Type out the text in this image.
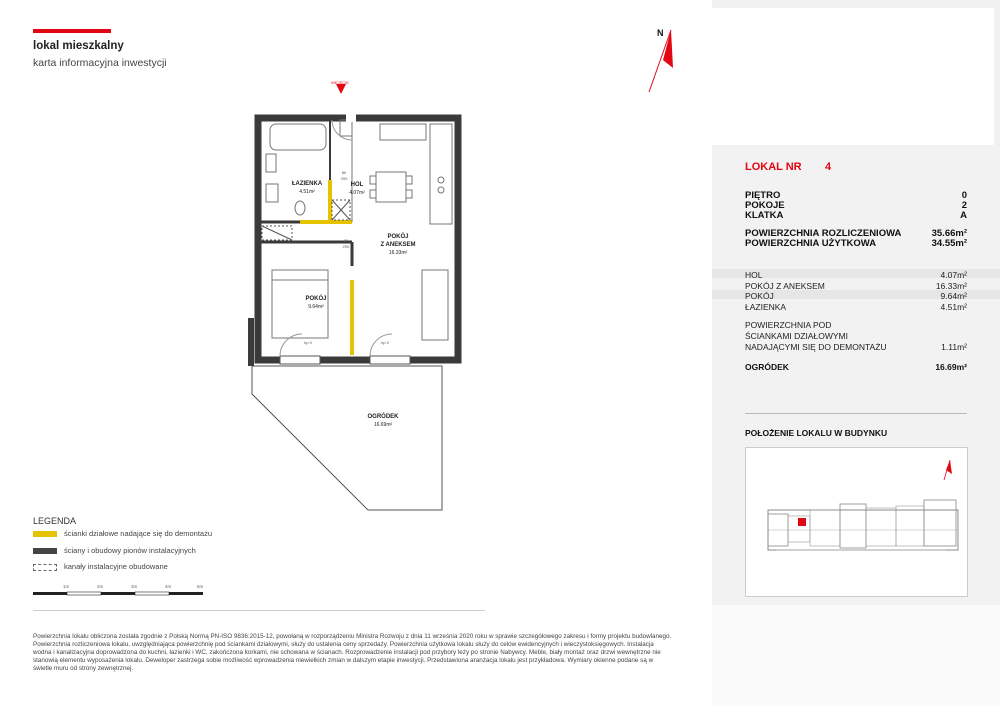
lokal mieszkalny
karta informacyjna inwestycji
N
WEJŚCIE
ŁAZIENKA
4.51m²
HOL
4.07m²
POKÓJ
Z ANEKSEM
16.33m²
POKÓJ
9.64m²
OGRÓDEK
16.69m²
80
200
80
200
hp 0	hp 0
LEGENDA
ścianki działowe nadające się do demontażu
ściany i obudowy pionów instalacyjnych
kanały instalacyjne obudowane
1m	2m	3m	4m	5m
Powierzchnia lokalu obliczona została zgodnie z Polską Normą PN-ISO 9836:2015-12, powołaną w rozporządzeniu Ministra Rozwoju z dnia 11 września 2020 roku w sprawie szczegółowego zakresu i formy projektu budowlanego. Powierzchnia rozliczeniowa lokalu, uwzględniająca powierzchnię pod ściankami działowymi, służy do ustalenia ceny sprzedaży. Powierzchnia użytkowa lokalu służy do celów ewidencyjnych i wieczystoksięgowych. Instalacja wodna i kanalizacyjna doprowadzona do kuchni, łazienki i WC, zakończona korkami, nie schowana w ścianach. Rozprowadzenie instalacji pod przybory leży po stronie Nabywcy. Meble, biały montaż oraz drzwi wewnętrzne nie stanowią elementu wyposażenia lokalu. Deweloper zastrzega sobie możliwość wprowadzenia niewielkich zmian w dalszym etapie inwestycji. Przedstawiona aranżacja lokalu jest przykładowa. Wymiary okienne podane są w świetle muru od strony zewnętrznej.
LOKAL NR 4
PIĘTRO	0
POKOJE	2
KLATKA	A
POWIERZCHNIA ROZLICZENIOWA	35.66m²
POWIERZCHNIA UŻYTKOWA	34.55m²
HOL	4.07m²
POKÓJ Z ANEKSEM	16.33m²
POKÓJ	9.64m²
ŁAZIENKA	4.51m²
POWIERZCHNIA POD
ŚCIANKAMI DZIAŁOWYMI
NADAJĄCYMI SIĘ DO DEMONTAŻU	1.11m²
OGRÓDEK	16.69m²
POŁOŻENIE LOKALU W BUDYNKU
